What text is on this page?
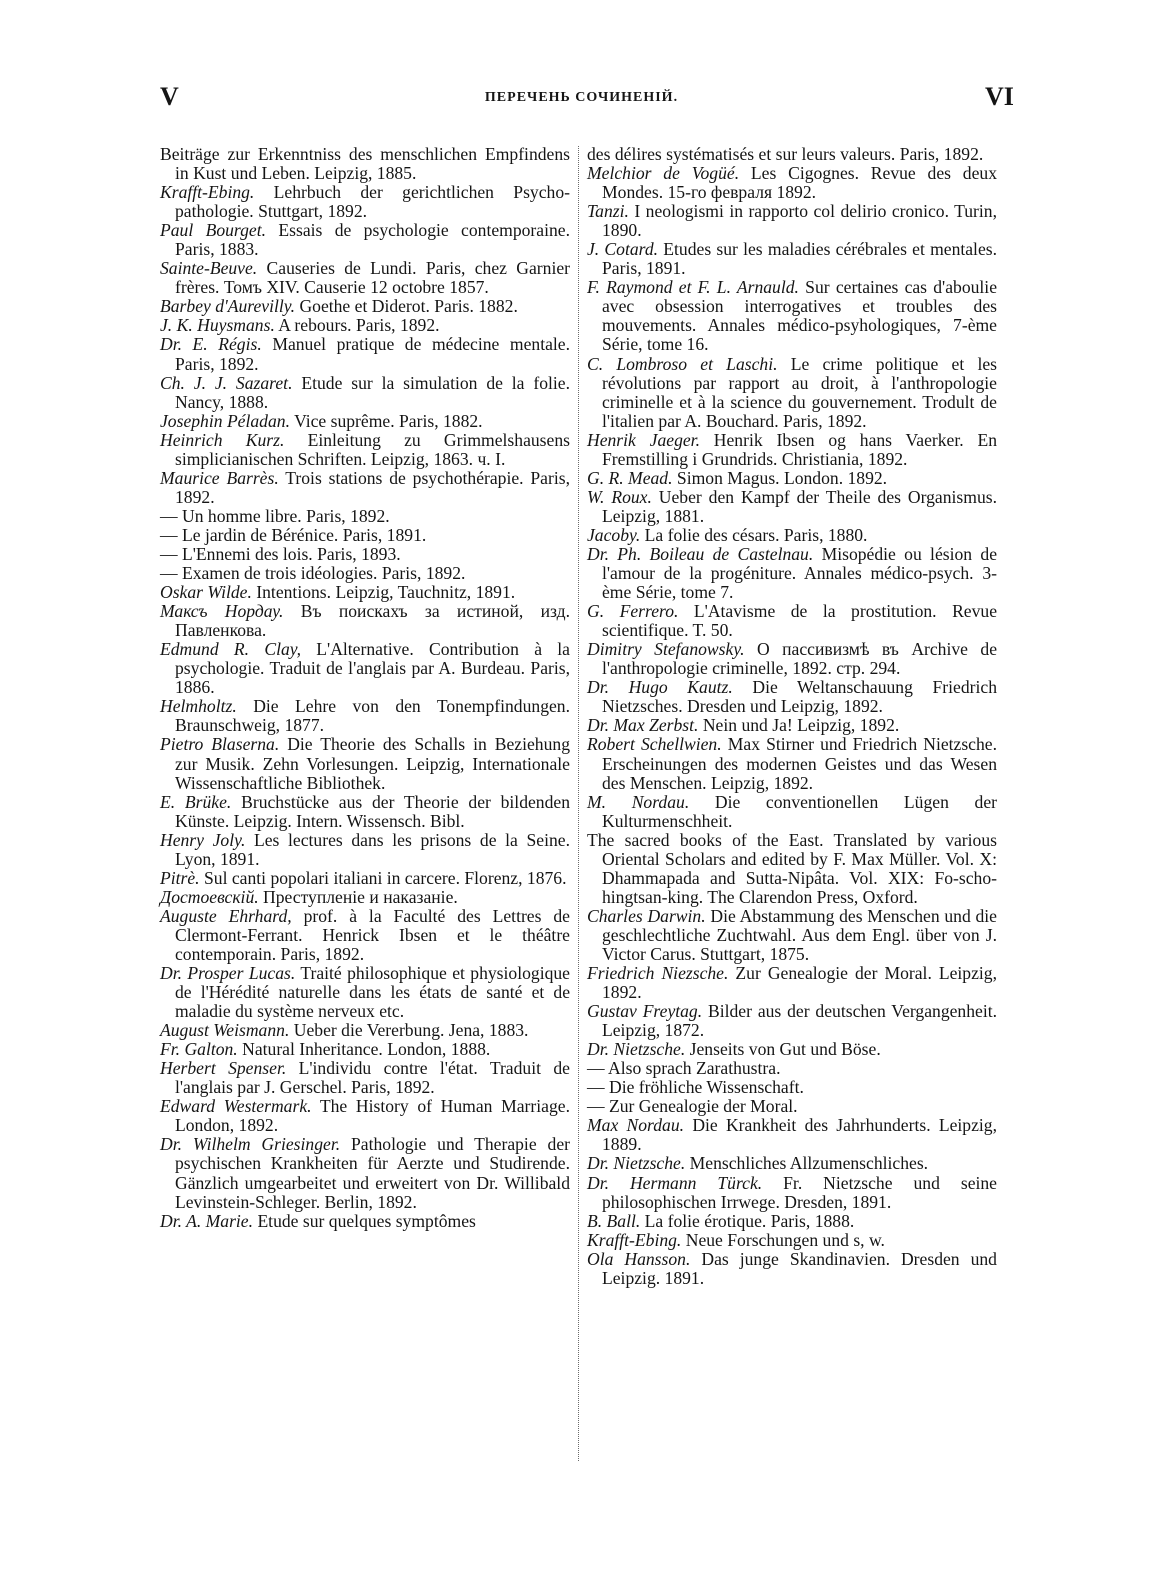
V	ПЕРЕЧЕНЬ СОЧИНЕНІЙ.	VI
Beiträge zur Erkenntniss des menschlichen Empfindens in Kust und Leben. Leipzig, 1885.
Krafft-Ebing. Lehrbuch der gerichtlichen Psycho-pathologie. Stuttgart, 1892.
Paul Bourget. Essais de psychologie contemporaine. Paris, 1883.
Sainte-Beuve. Causeries de Lundi. Paris, chez Garnier frères. Томъ XIV. Causerie 12 octobre 1857.
Barbey d'Aurevilly. Goethe et Diderot. Paris. 1882.
J. K. Huysmans. A rebours. Paris, 1892.
Dr. E. Régis. Manuel pratique de médecine mentale. Paris, 1892.
Ch. J. J. Sazaret. Etude sur la simulation de la folie. Nancy, 1888.
Josephin Péladan. Vice suprême. Paris, 1882.
Heinrich Kurz. Einleitung zu Grimmelshausens simplicianischen Schriften. Leipzig, 1863. ч. I.
Maurice Barrès. Trois stations de psychothérapie. Paris, 1892.
— Un homme libre. Paris, 1892.
— Le jardin de Bérénice. Paris, 1891.
— L'Ennemi des lois. Paris, 1893.
— Examen de trois idéologies. Paris, 1892.
Oskar Wilde. Intentions. Leipzig, Tauchnitz, 1891.
Максъ Нордау. Въ поискахъ за истиной, изд. Павленкова.
Edmund R. Clay, L'Alternative. Contribution à la psychologie. Traduit de l'anglais par A. Burdeau. Paris, 1886.
Helmholtz. Die Lehre von den Tonempfindungen. Braunschweig, 1877.
Pietro Blaserna. Die Theorie des Schalls in Beziehung zur Musik. Zehn Vorlesungen. Leipzig, Internationale Wissenschaftliche Bibliothek.
E. Brüke. Bruchstücke aus der Theorie der bildenden Künste. Leipzig. Intern. Wissensch. Bibl.
Henry Joly. Les lectures dans les prisons de la Seine. Lyon, 1891.
Pitrè. Sul canti popolari italiani in carcere. Florenz, 1876.
Достоевскій. Преступленіе и наказаніе.
Auguste Ehrhard, prof. à la Faculté des Lettres de Clermont-Ferrant. Henrick Ibsen et le théâtre contemporain. Paris, 1892.
Dr. Prosper Lucas. Traité philosophique et physiologique de l'Hérédité naturelle dans les états de santé et de maladie du système nerveux etc.
August Weismann. Ueber die Vererbung. Jena, 1883.
Fr. Galton. Natural Inheritance. London, 1888.
Herbert Spenser. L'individu contre l'état. Traduit de l'anglais par J. Gerschel. Paris, 1892.
Edward Westermark. The History of Human Marriage. London, 1892.
Dr. Wilhelm Griesinger. Pathologie und Therapie der psychischen Krankheiten für Aerzte und Studirende. Gänzlich umgearbeitet und erweitert von Dr. Willibald Levinstein-Schleger. Berlin, 1892.
Dr. A. Marie. Etude sur quelques symptômes
des délires systématisés et sur leurs valeurs. Paris, 1892.
Melchior de Vogüé. Les Cigognes. Revue des deux Mondes. 15-го февраля 1892.
Tanzi. I neologismi in rapporto col delirio cronico. Turin, 1890.
J. Cotard. Etudes sur les maladies cérébrales et mentales. Paris, 1891.
F. Raymond et F. L. Arnauld. Sur certaines cas d'aboulie avec obsession interrogatives et troubles des mouvements. Annales médico-psyhologiques, 7-ème Série, tome 16.
C. Lombroso et Laschi. Le crime politique et les révolutions par rapport au droit, à l'anthropologie criminelle et à la science du gouvernement. Trodult de l'italien par A. Bouchard. Paris, 1892.
Henrik Jaeger. Henrik Ibsen og hans Vaerker. En Fremstilling i Grundrids. Christiania, 1892.
G. R. Mead. Simon Magus. London. 1892.
W. Roux. Ueber den Kampf der Theile des Organismus. Leipzig, 1881.
Jacoby. La folie des césars. Paris, 1880.
Dr. Ph. Boileau de Castelnau. Misopédie ou lésion de l'amour de la progéniture. Annales médico-psych. 3-ème Série, tome 7.
G. Ferrero. L'Atavisme de la prostitution. Revue scientifique. T. 50.
Dimitry Stefanowsky. О пассивизмѣ въ Archive de l'anthropologie criminelle, 1892. стр. 294.
Dr. Hugo Kautz. Die Weltanschauung Friedrich Nietzsches. Dresden und Leipzig, 1892.
Dr. Max Zerbst. Nein und Ja! Leipzig, 1892.
Robert Schellwien. Max Stirner und Friedrich Nietzsche. Erscheinungen des modernen Geistes und das Wesen des Menschen. Leipzig, 1892.
M. Nordau. Die conventionellen Lügen der Kulturmenschheit.
The sacred books of the East. Translated by various Oriental Scholars and edited by F. Max Müller. Vol. X: Dhammapada and Sutta-Nipâta. Vol. XIX: Fo-scho-hingtsan-king. The Clarendon Press, Oxford.
Charles Darwin. Die Abstammung des Menschen und die geschlechtliche Zuchtwahl. Aus dem Engl. über von J. Victor Carus. Stuttgart, 1875.
Friedrich Niezsche. Zur Genealogie der Moral. Leipzig, 1892.
Gustav Freytag. Bilder aus der deutschen Vergangenheit. Leipzig, 1872.
Dr. Nietzsche. Jenseits von Gut und Böse.
— Also sprach Zarathustra.
— Die fröhliche Wissenschaft.
— Zur Genealogie der Moral.
Max Nordau. Die Krankheit des Jahrhunderts. Leipzig, 1889.
Dr. Nietzsche. Menschliches Allzumenschliches.
Dr. Hermann Türck. Fr. Nietzsche und seine philosophischen Irrwege. Dresden, 1891.
B. Ball. La folie érotique. Paris, 1888.
Krafft-Ebing. Neue Forschungen und s, w.
Ola Hansson. Das junge Skandinavien. Dresden und Leipzig. 1891.
